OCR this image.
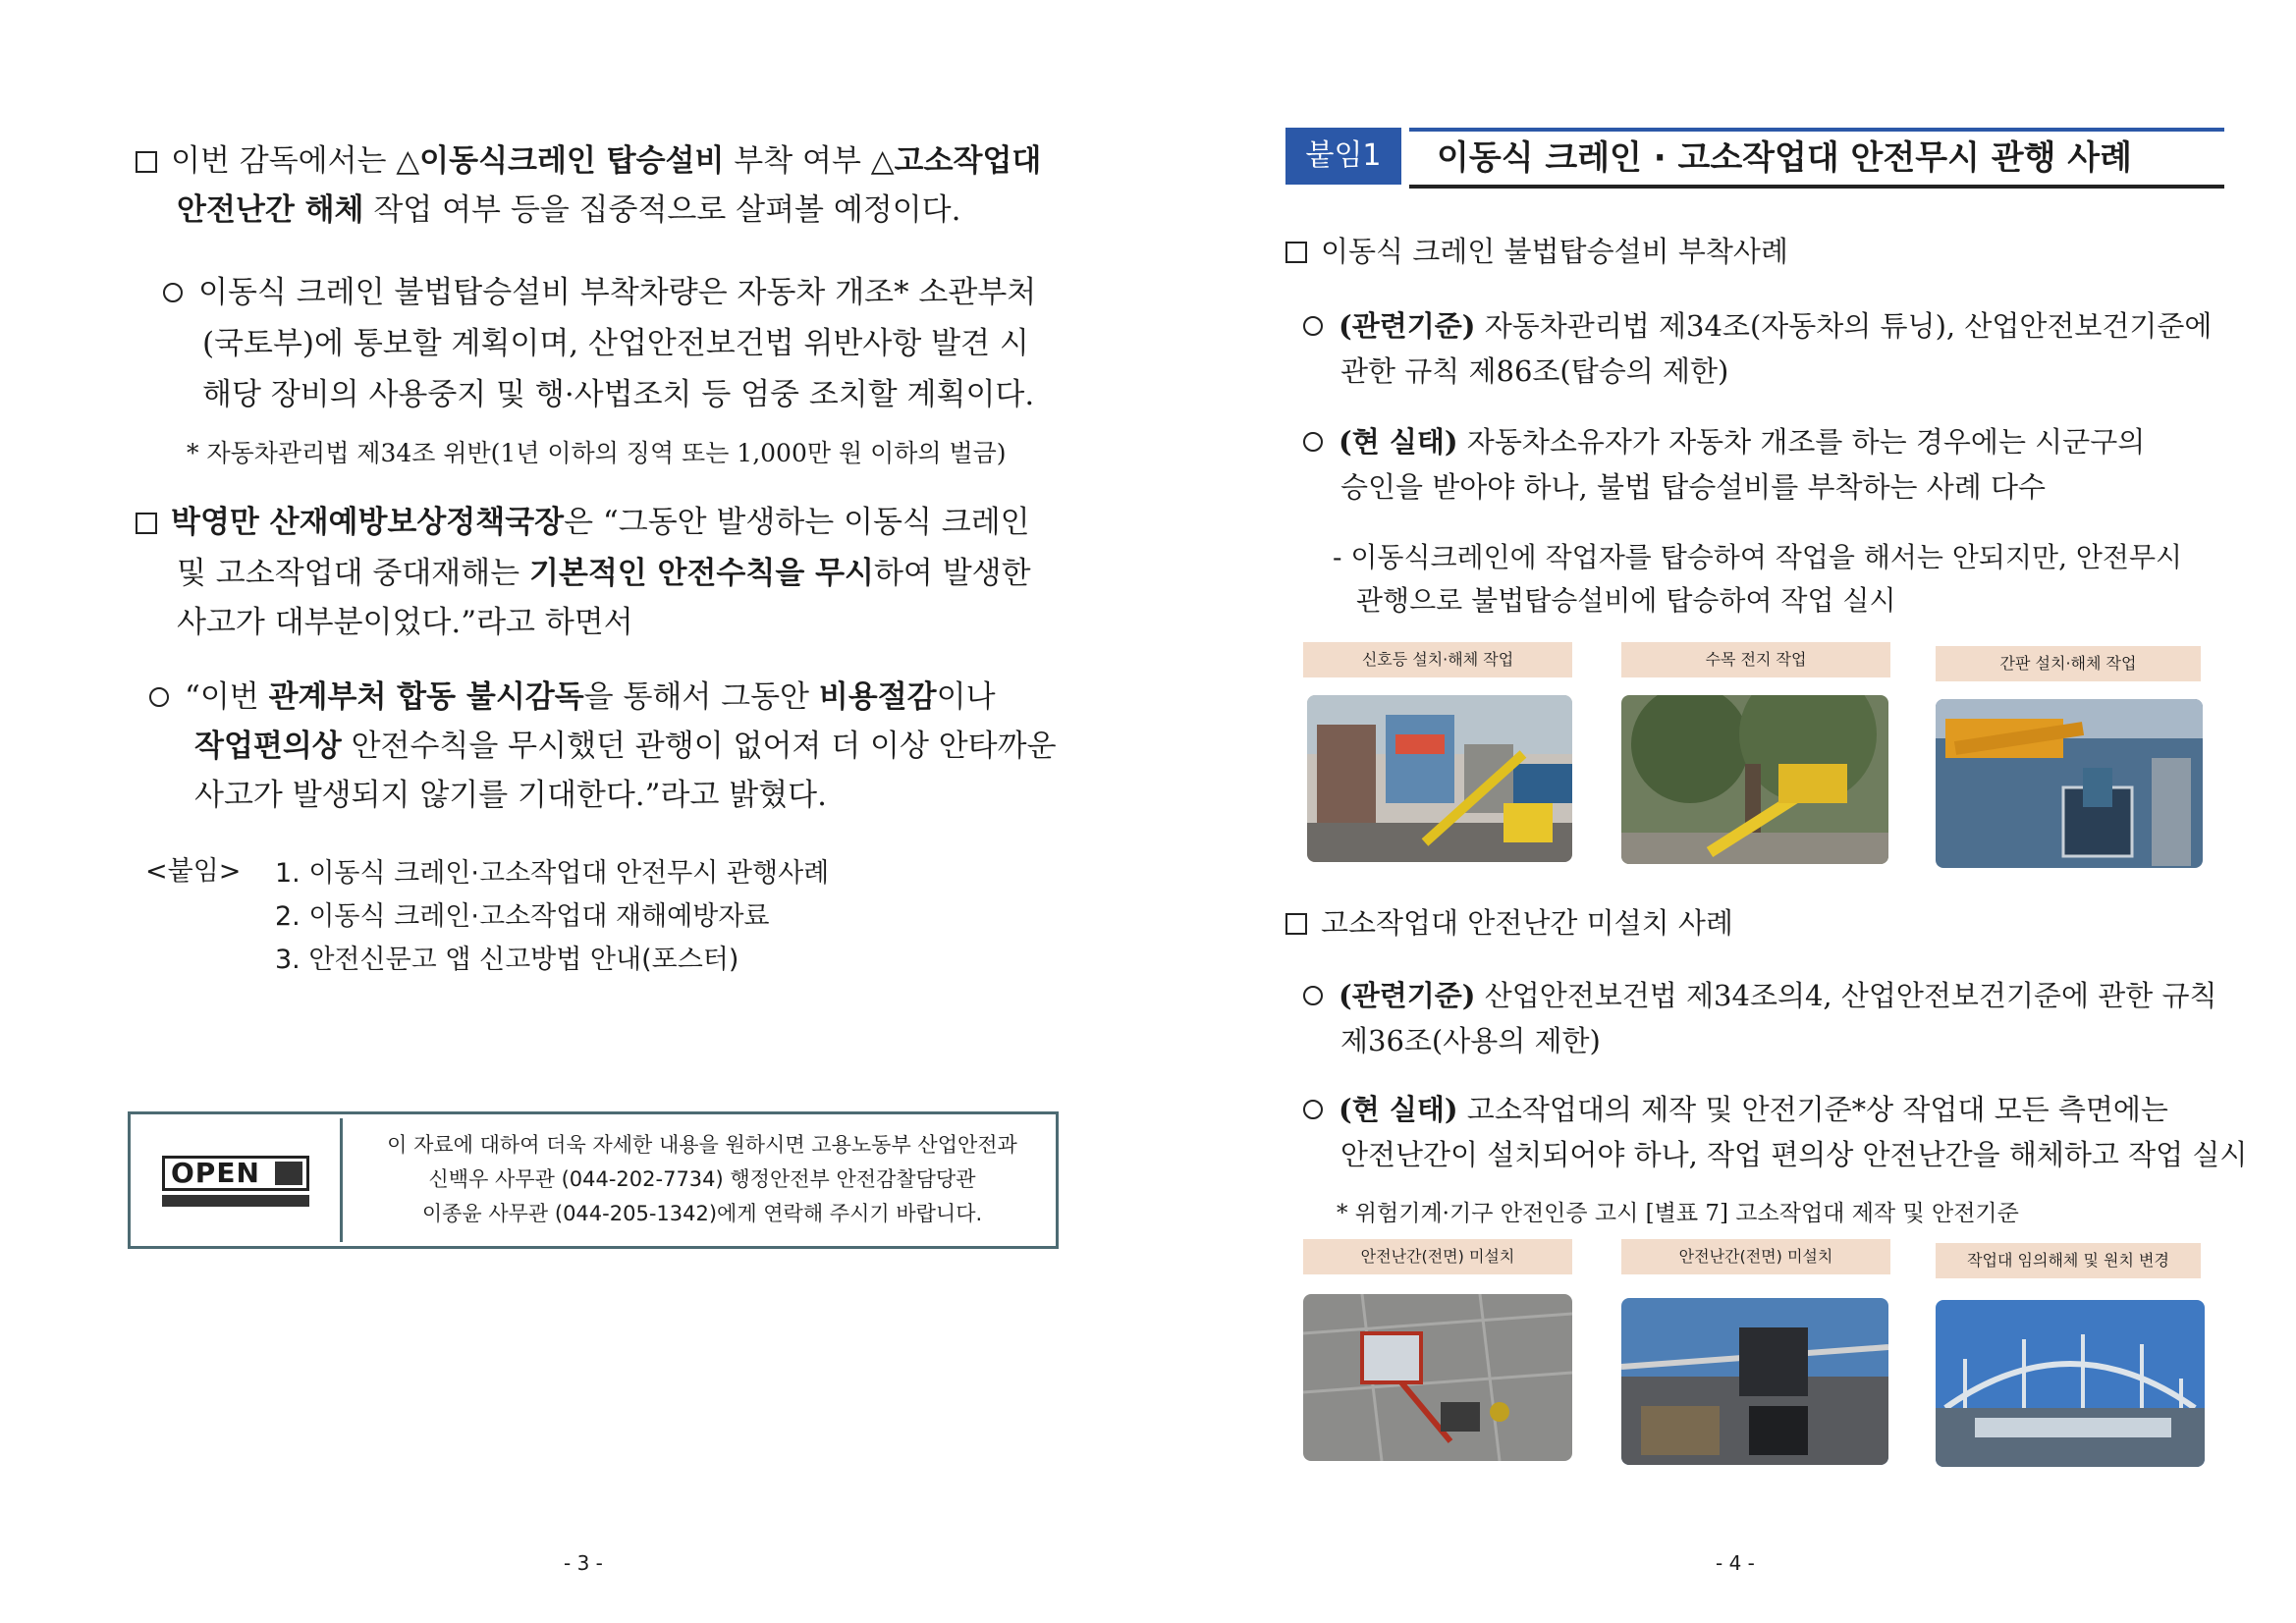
이번 감독에서는 △이동식크레인 탑승설비 부착 여부 △고소작업대
안전난간 해체 작업 여부 등을 집중적으로 살펴볼 예정이다.
이동식 크레인 불법탑승설비 부착차량은 자동차 개조* 소관부처
(국토부)에 통보할 계획이며, 산업안전보건법 위반사항 발견 시
해당 장비의 사용중지 및 행·사법조치 등 엄중 조치할 계획이다.
* 자동차관리법 제34조 위반(1년 이하의 징역 또는 1,000만 원 이하의 벌금)
박영만 산재예방보상정책국장은 “그동안 발생하는 이동식 크레인
및 고소작업대 중대재해는 기본적인 안전수칙을 무시하여 발생한
사고가 대부분이었다.”라고 하면서
“이번 관계부처 합동 불시감독을 통해서 그동안 비용절감이나
작업편의상 안전수칙을 무시했던 관행이 없어져 더 이상 안타까운
사고가 발생되지 않기를 기대한다.”라고 밝혔다.
<붙임> 1. 이동식 크레인·고소작업대 안전무시 관행사례
2. 이동식 크레인·고소작업대 재해예방자료
3. 안전신문고 앱 신고방법 안내(포스터)
OPEN
이 자료에 대하여 더욱 자세한 내용을 원하시면 고용노동부 산업안전과
신백우 사무관 (044-202-7734) 행정안전부 안전감찰담당관
이종윤 사무관 (044-205-1342)에게 연락해 주시기 바랍니다.
- 3 -
붙임1	이동식 크레인 · 고소작업대 안전무시 관행 사례
이동식 크레인 불법탑승설비 부착사례
(관련기준) 자동차관리법 제34조(자동차의 튜닝), 산업안전보건기준에
관한 규칙 제86조(탑승의 제한)
(현 실태) 자동차소유자가 자동차 개조를 하는 경우에는 시군구의
승인을 받아야 하나, 불법 탑승설비를 부착하는 사례 다수
- 이동식크레인에 작업자를 탑승하여 작업을 해서는 안되지만, 안전무시
관행으로 불법탑승설비에 탑승하여 작업 실시
신호등 설치·해체 작업	수목 전지 작업	간판 설치·해체 작업
고소작업대 안전난간 미설치 사례
(관련기준) 산업안전보건법 제34조의4, 산업안전보건기준에 관한 규칙
제36조(사용의 제한)
(현 실태) 고소작업대의 제작 및 안전기준*상 작업대 모든 측면에는
안전난간이 설치되어야 하나, 작업 편의상 안전난간을 해체하고 작업 실시
* 위험기계·기구 안전인증 고시 [별표 7] 고소작업대 제작 및 안전기준
안전난간(전면) 미설치	안전난간(전면) 미설치	작업대 임의해체 및 원치 변경
- 4 -
